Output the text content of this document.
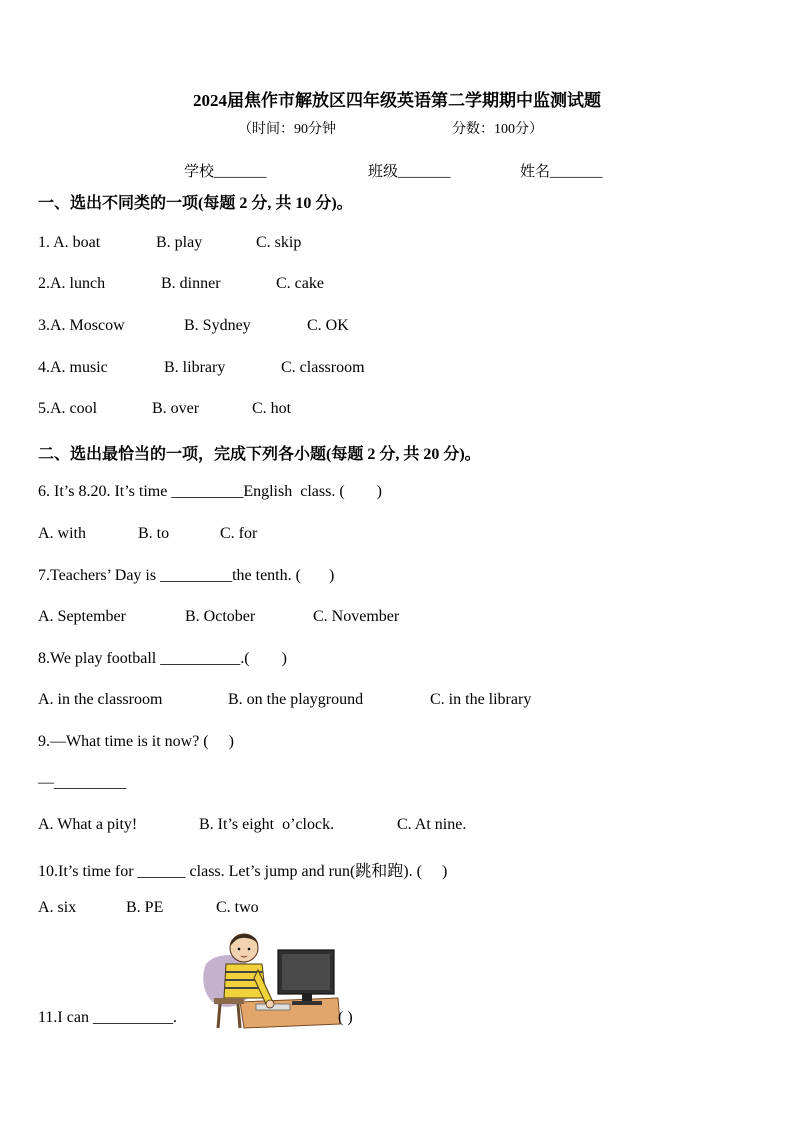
2024届焦作市解放区四年级英语第二学期期中监测试题
（时间：90分钟	分数：100分）
学校_______	班级_______	姓名_______
一、选出不同类的一项(每题 2 分, 共 10 分)。
1. A. boat	B. play	C. skip
2.A. lunch	B. dinner	C. cake
3.A. Moscow	B. Sydney	C. OK
4.A. music	B. library	C. classroom
5.A. cool	B. over	C. hot
二、选出最恰当的一项，完成下列各小题(每题 2 分, 共 20 分)。
6. It’s 8.20. It’s time _________English  class. (        )
A. with	B. to	C. for
7.Teachers’ Day is _________the tenth. (       )
A. September	B. October	C. November
8.We play football __________.(        )
A. in the classroom	B. on the playground	C. in the library
9.—What time is it now? (     )
—_________
A. What a pity!	B. It’s eight  o’clock.	C. At nine.
10.It’s time for ______ class. Let’s jump and run(跳和跑). (     )
A. six	B. PE	C. two
11.I can __________.	( )
